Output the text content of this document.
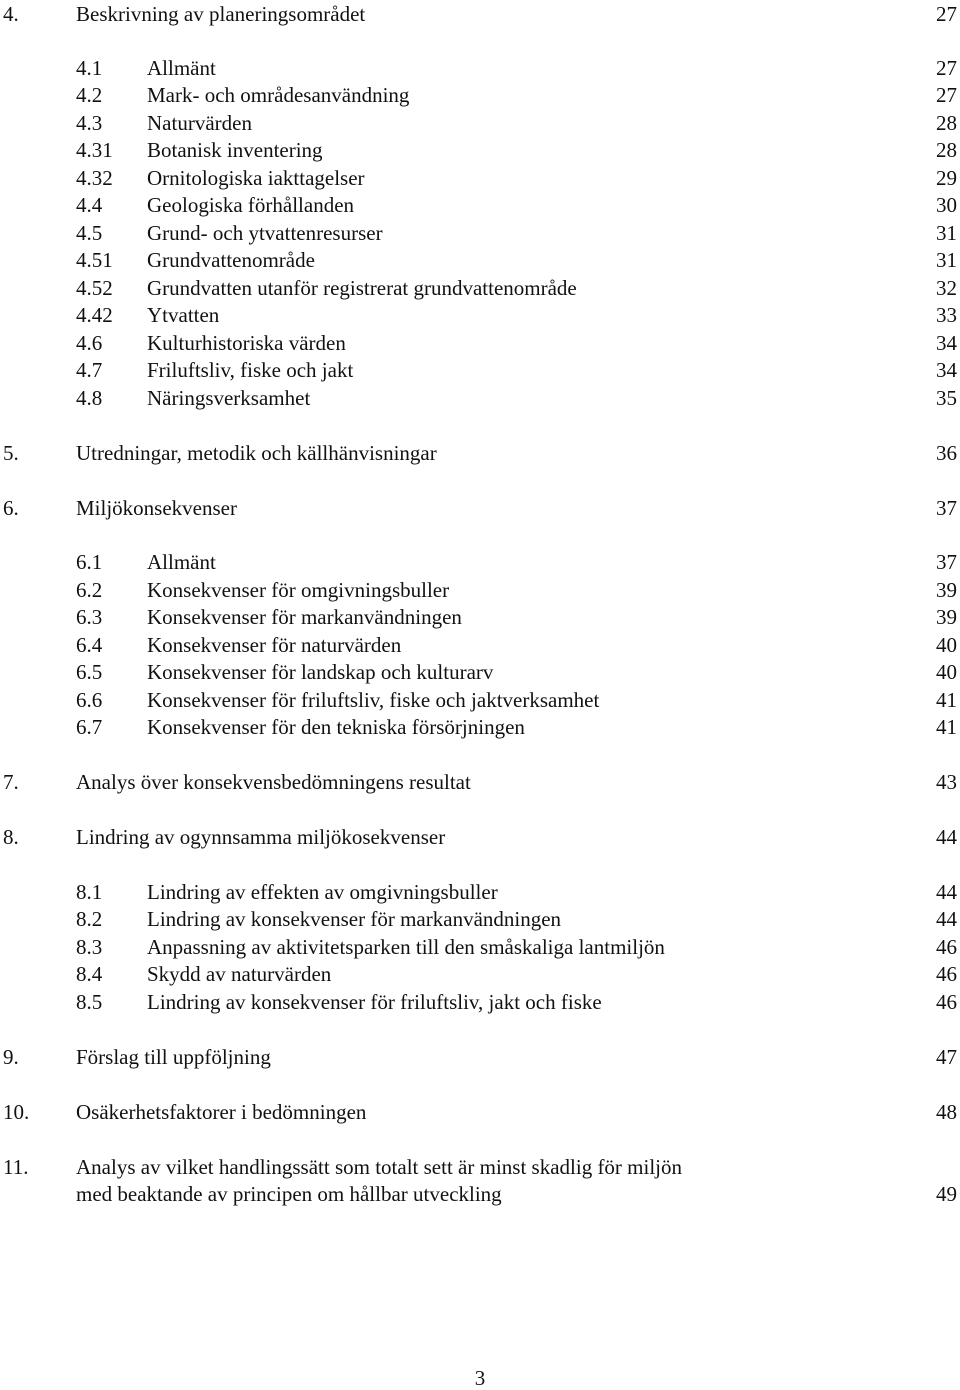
4.	Beskrivning av planeringsområdet	27
4.1 Allmänt	27
4.2 Mark- och områdesanvändning	27
4.3 Naturvärden	28
4.31 Botanisk inventering	28
4.32 Ornitologiska iakttagelser	29
4.4 Geologiska förhållanden	30
4.5 Grund- och ytvattenresurser	31
4.51 Grundvattenområde	31
4.52 Grundvatten utanför registrerat grundvattenområde	32
4.42 Ytvatten	33
4.6 Kulturhistoriska värden	34
4.7 Friluftsliv, fiske och jakt	34
4.8 Näringsverksamhet	35
5.	Utredningar, metodik och källhänvisningar	36
6.	Miljökonsekvenser	37
6.1 Allmänt	37
6.2 Konsekvenser för omgivningsbuller	39
6.3 Konsekvenser för markanvändningen	39
6.4 Konsekvenser för naturvärden	40
6.5 Konsekvenser för landskap och kulturarv	40
6.6 Konsekvenser för friluftsliv, fiske och jaktverksamhet	41
6.7 Konsekvenser för den tekniska försörjningen	41
7.	Analys över konsekvensbedömningens resultat	43
8.	Lindring av ogynnsamma miljökosekvenser	44
8.1 Lindring av effekten av omgivningsbuller	44
8.2 Lindring av konsekvenser för markanvändningen	44
8.3 Anpassning av aktivitetsparken till den småskaliga lantmiljön	46
8.4 Skydd av naturvärden	46
8.5 Lindring av konsekvenser för friluftsliv, jakt och fiske	46
9.	Förslag till uppföljning	47
10. Osäkerhetsfaktorer i bedömningen	48
11. Analys av vilket handlingssätt som totalt sett är minst skadlig för miljön
med beaktande av principen om hållbar utveckling	49
3
